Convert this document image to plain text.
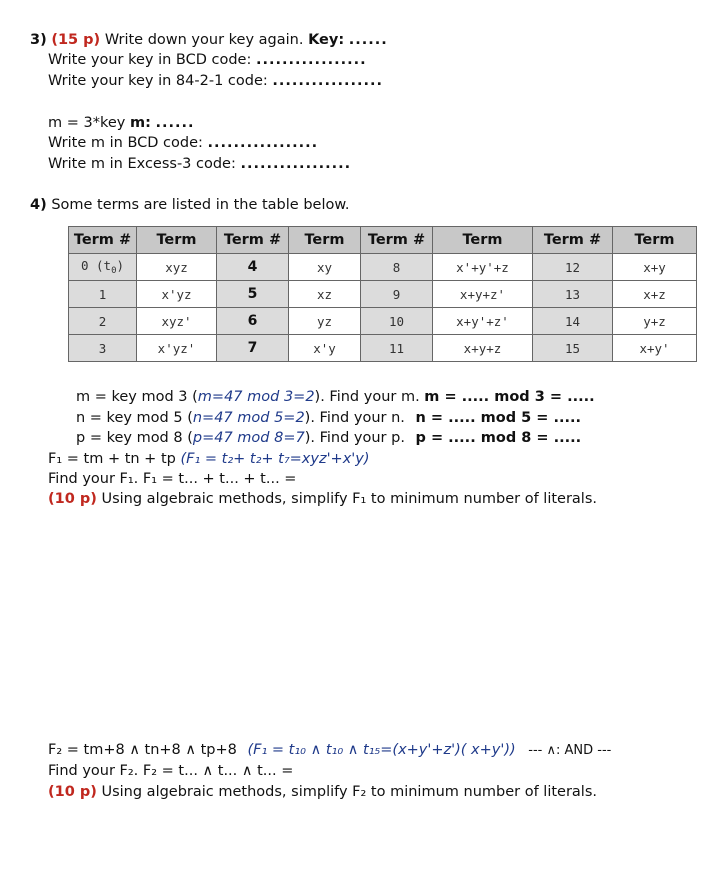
3) (15 p) Write down your key again. Key: ......
Write your key in BCD code: .................
Write your key in 84-2-1 code: .................
m = 3*key m: ......
Write m in BCD code: .................
Write m in Excess-3 code: .................
4) Some terms are listed in the table below.
Term #	Term	Term #	Term	Term #	Term	Term #	Term
0 $(t_0)$	xyz	4	xy	8	x'+y'+z	12	x+y
1	x'yz	5	xz	9	x+y+z'	13	x+z
2	xyz'	6	yz	10	x+y'+z'	14	y+z
3	x'yz'	7	x'y	11	x+y+z	15	x+y'
m = key mod 3 (m=47 mod 3=2). Find your m. m = ..... mod 3 = .....
n = key mod 5 (n=47 mod 5=2). Find your n. n = ..... mod 5 = .....
p = key mod 8 (p=47 mod 8=7). Find your p. p = ..... mod 8 = .....
F₁ = tm + tn + tp (F₁ = t₂+ t₂+ t₇=xyz'+x'y)
Find your F₁. F₁ = t... + t... + t... =
(10 p) Using algebraic methods, simplify F₁ to minimum number of literals.
F₂ = tm+8 ∧ tn+8 ∧ tp+8 (F₁ = t₁₀ ∧ t₁₀ ∧ t₁₅=(x+y'+z')( x+y')) --- ∧: AND ---
Find your F₂. F₂ = t... ∧ t... ∧ t... =
(10 p) Using algebraic methods, simplify F₂ to minimum number of literals.
